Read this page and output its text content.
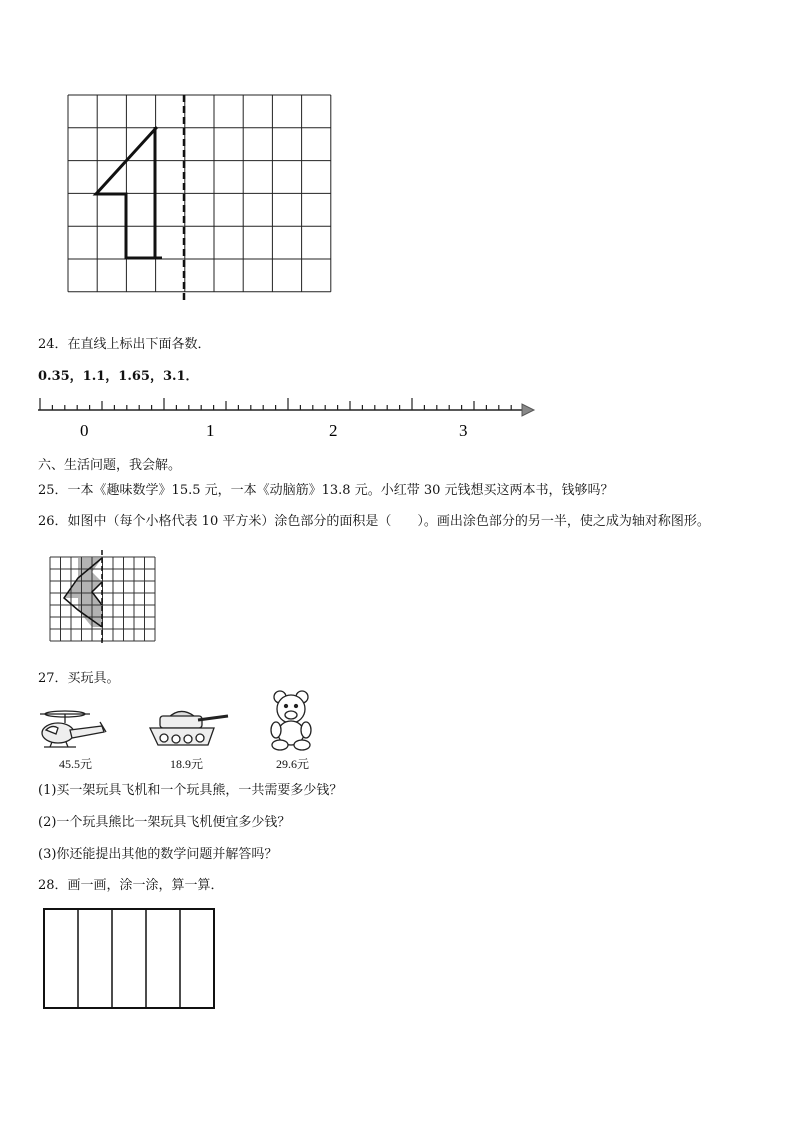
24．在直线上标出下面各数．
0.35，1.1，1.65，3.1．
0	1	2	3
六、生活问题，我会解。
25．一本《趣味数学》15.5 元，一本《动脑筋》13.8 元。小红带 30 元钱想买这两本书，钱够吗？
26．如图中（每个小格代表 10 平方米）涂色部分的面积是（　　）。画出涂色部分的另一半，使之成为轴对称图形。
27．买玩具。
45.5元	18.9元	29.6元
(1)买一架玩具飞机和一个玩具熊，一共需要多少钱？
(2)一个玩具熊比一架玩具飞机便宜多少钱？
(3)你还能提出其他的数学问题并解答吗？
28．画一画，涂一涂，算一算．
